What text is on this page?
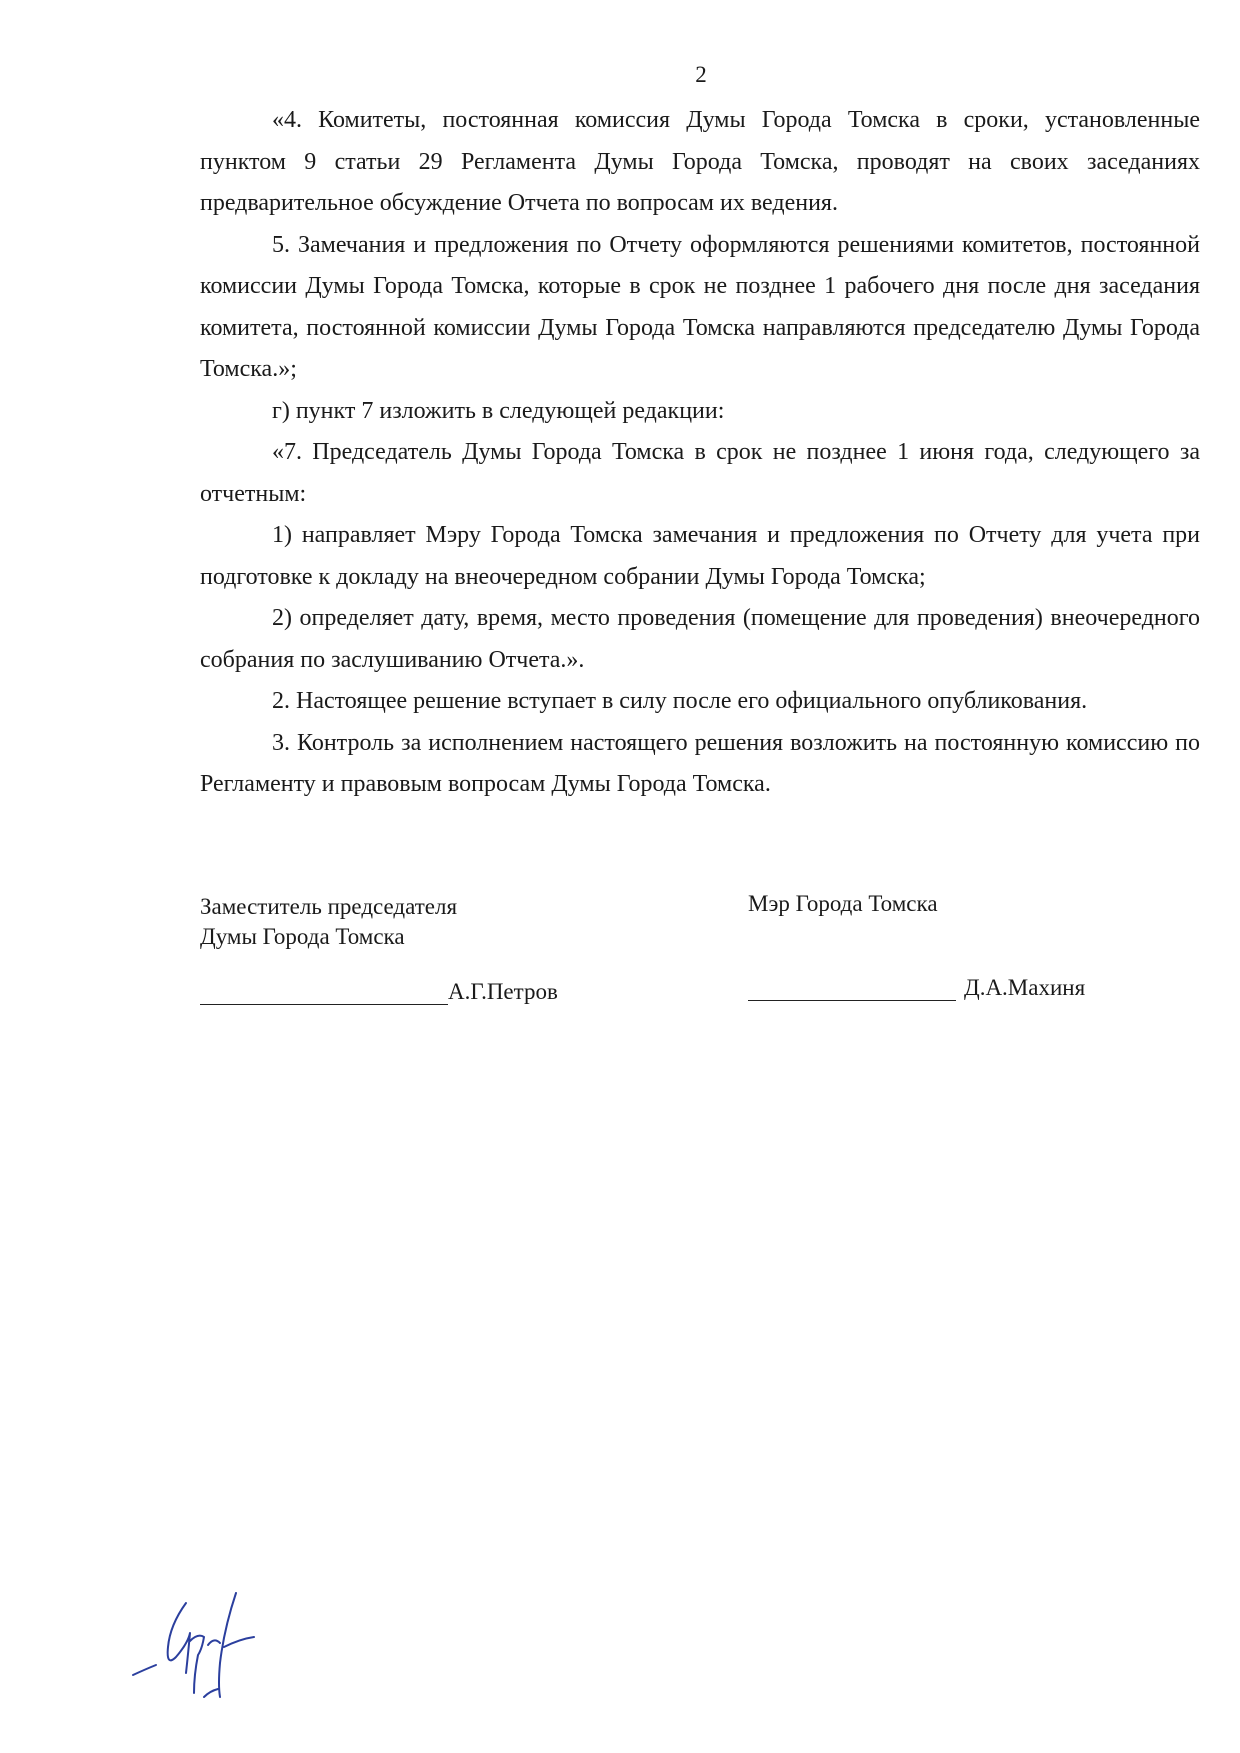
2

«4. Комитеты, постоянная комиссия Думы Города Томска в сроки, установленные пунктом 9 статьи 29 Регламента Думы Города Томска, проводят на своих заседаниях предварительное обсуждение Отчета по вопросам их ведения.

5. Замечания и предложения по Отчету оформляются решениями комитетов, постоянной комиссии Думы Города Томска, которые в срок не позднее 1 рабочего дня после дня заседания комитета, постоянной комиссии Думы Города Томска направляются председателю Думы Города Томска.»;

г) пункт 7 изложить в следующей редакции:

«7. Председатель Думы Города Томска в срок не позднее 1 июня года, следующего за отчетным:

1) направляет Мэру Города Томска замечания и предложения по Отчету для учета при подготовке к докладу на внеочередном собрании Думы Города Томска;

2) определяет дату, время, место проведения (помещение для проведения) внеочередного собрания по заслушиванию Отчета.».

2. Настоящее решение вступает в силу после его официального опубликования.

3. Контроль за исполнением настоящего решения возложить на постоянную комиссию по Регламенту и правовым вопросам Думы Города Томска.

Заместитель председателя
Думы Города Томска
Мэр Города Томска
А.Г.Петров	Д.А.Махиня
